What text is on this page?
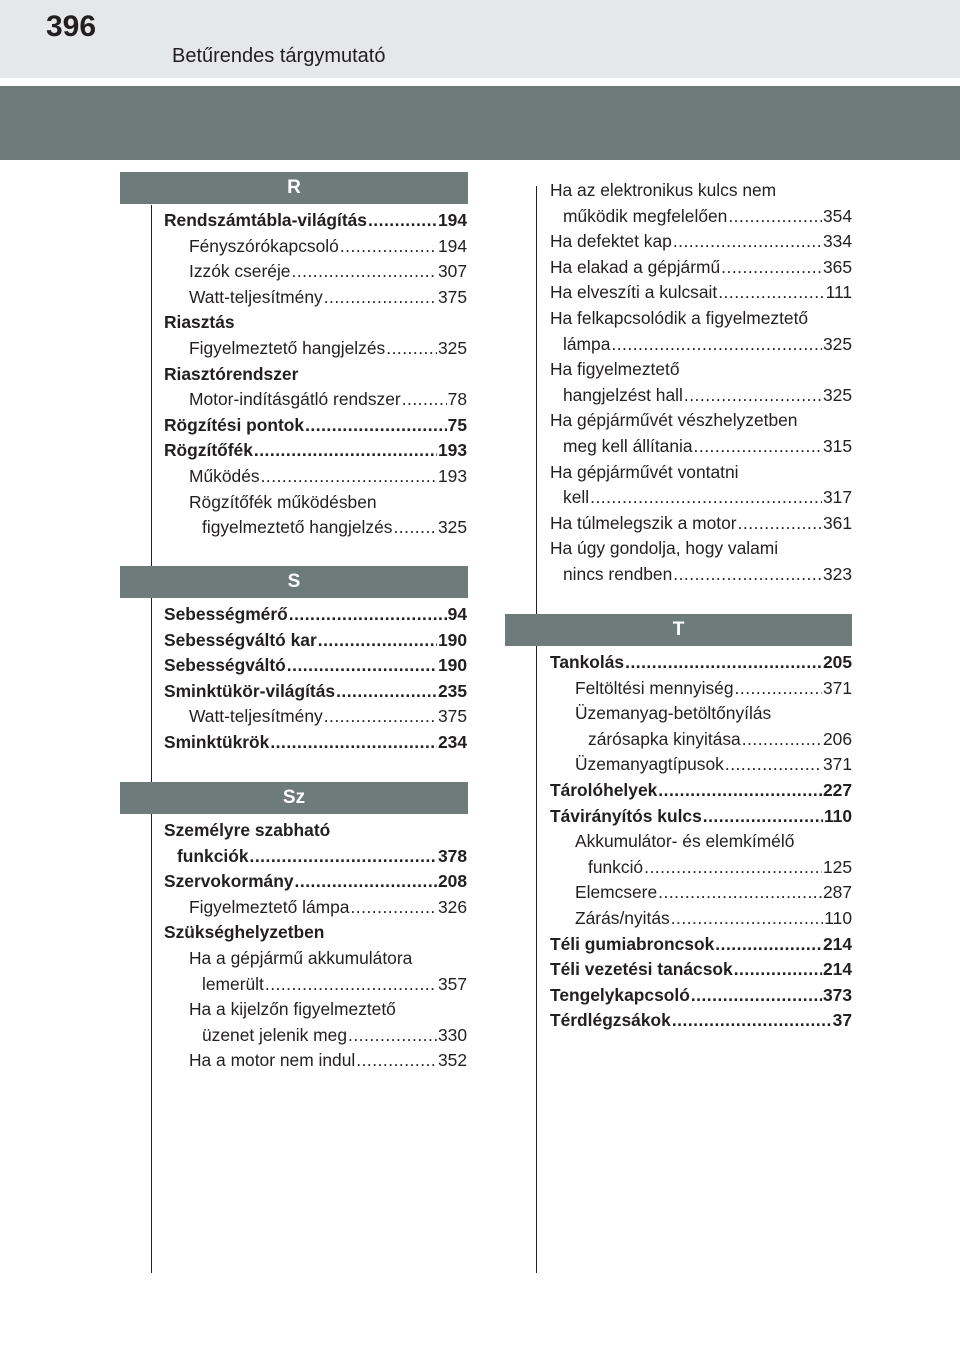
396
Betűrendes tárgymutató
R
S
Sz
T
Rendszámtábla-világítás .....	194
Fényszórókapcsoló .....	194
Izzók cseréje .....	307
Watt-teljesítmény .....	375
Riasztás
Figyelmeztető hangjelzés .....	325
Riasztórendszer
Motor-indításgátló rendszer .....	78
Rögzítési pontok .....	75
Rögzítőfék .....	193
Működés .....	193
Rögzítőfék működésben
figyelmeztető hangjelzés .....	325
Sebességmérő .....	94
Sebességváltó kar .....	190
Sebességváltó .....	190
Sminktükör-világítás .....	235
Watt-teljesítmény .....	375
Sminktükrök .....	234
Személyre szabható
funkciók .....	378
Szervokormány .....	208
Figyelmeztető lámpa .....	326
Szükséghelyzetben
Ha a gépjármű akkumulátora
lemerült .....	357
Ha a kijelzőn figyelmeztető
üzenet jelenik meg .....	330
Ha a motor nem indul .....	352
Ha az elektronikus kulcs nem
működik megfelelően .....	354
Ha defektet kap .....	334
Ha elakad a gépjármű .....	365
Ha elveszíti a kulcsait .....	111
Ha felkapcsolódik a figyelmeztető
lámpa .....	325
Ha figyelmeztető
hangjelzést hall .....	325
Ha gépjárművét vészhelyzetben
meg kell állítania .....	315
Ha gépjárművét vontatni
kell .....	317
Ha túlmelegszik a motor .....	361
Ha úgy gondolja, hogy valami
nincs rendben .....	323
Tankolás .....	205
Feltöltési mennyiség .....	371
Üzemanyag-betöltőnyílás
zárósapka kinyitása .....	206
Üzemanyagtípusok .....	371
Tárolóhelyek .....	227
Távirányítós kulcs .....	110
Akkumulátor- és elemkímélő
funkció .....	125
Elemcsere .....	287
Zárás/nyitás .....	110
Téli gumiabroncsok .....	214
Téli vezetési tanácsok .....	214
Tengelykapcsoló .....	373
Térdlégzsákok .....	37
